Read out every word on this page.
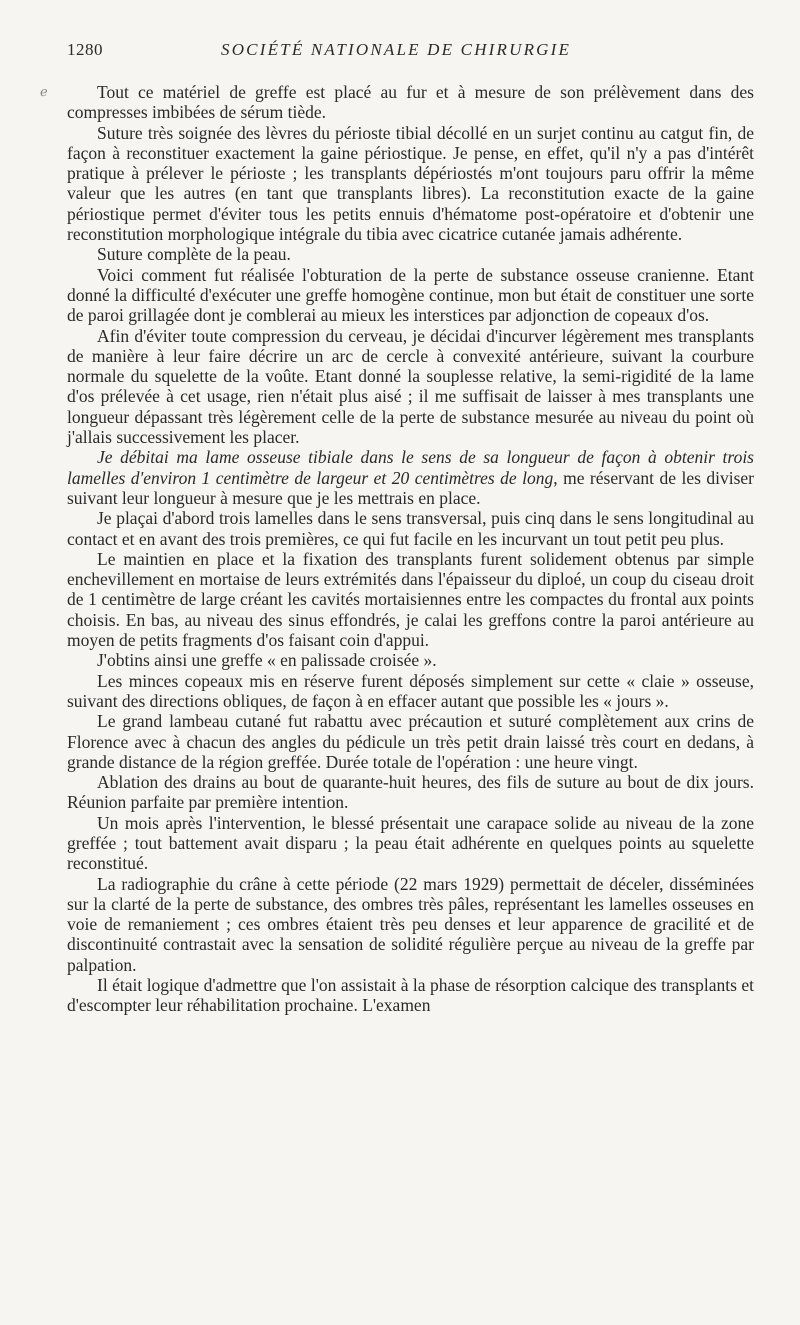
ℯ
1280	SOCIÉTÉ NATIONALE DE CHIRURGIE

Tout ce matériel de greffe est placé au fur et à mesure de son prélèvement dans des compresses imbibées de sérum tiède.

Suture très soignée des lèvres du périoste tibial décollé en un surjet continu au catgut fin, de façon à reconstituer exactement la gaine périostique. Je pense, en effet, qu'il n'y a pas d'intérêt pratique à prélever le périoste ; les transplants dépériostés m'ont toujours paru offrir la même valeur que les autres (en tant que transplants libres). La reconstitution exacte de la gaine périostique permet d'éviter tous les petits ennuis d'hématome post-opératoire et d'obtenir une reconstitution morphologique intégrale du tibia avec cicatrice cutanée jamais adhérente.

Suture complète de la peau.

Voici comment fut réalisée l'obturation de la perte de substance osseuse cranienne. Etant donné la difficulté d'exécuter une greffe homogène continue, mon but était de constituer une sorte de paroi grillagée dont je comblerai au mieux les interstices par adjonction de copeaux d'os.

Afin d'éviter toute compression du cerveau, je décidai d'incurver légèrement mes transplants de manière à leur faire décrire un arc de cercle à convexité antérieure, suivant la courbure normale du squelette de la voûte. Etant donné la souplesse relative, la semi-rigidité de la lame d'os prélevée à cet usage, rien n'était plus aisé ; il me suffisait de laisser à mes transplants une longueur dépassant très légèrement celle de la perte de substance mesurée au niveau du point où j'allais successivement les placer.

Je débitai ma lame osseuse tibiale dans le sens de sa longueur de façon à obtenir trois lamelles d'environ 1 centimètre de largeur et 20 centimètres de long, me réservant de les diviser suivant leur longueur à mesure que je les mettrais en place.

Je plaçai d'abord trois lamelles dans le sens transversal, puis cinq dans le sens longitudinal au contact et en avant des trois premières, ce qui fut facile en les incurvant un tout petit peu plus.

Le maintien en place et la fixation des transplants furent solidement obtenus par simple enchevillement en mortaise de leurs extrémités dans l'épaisseur du diploé, un coup du ciseau droit de 1 centimètre de large créant les cavités mortaisiennes entre les compactes du frontal aux points choisis. En bas, au niveau des sinus effondrés, je calai les greffons contre la paroi antérieure au moyen de petits fragments d'os faisant coin d'appui.

J'obtins ainsi une greffe « en palissade croisée ».

Les minces copeaux mis en réserve furent déposés simplement sur cette « claie » osseuse, suivant des directions obliques, de façon à en effacer autant que possible les « jours ».

Le grand lambeau cutané fut rabattu avec précaution et suturé complètement aux crins de Florence avec à chacun des angles du pédicule un très petit drain laissé très court en dedans, à grande distance de la région greffée. Durée totale de l'opération : une heure vingt.

Ablation des drains au bout de quarante-huit heures, des fils de suture au bout de dix jours. Réunion parfaite par première intention.

Un mois après l'intervention, le blessé présentait une carapace solide au niveau de la zone greffée ; tout battement avait disparu ; la peau était adhérente en quelques points au squelette reconstitué.

La radiographie du crâne à cette période (22 mars 1929) permettait de déceler, disséminées sur la clarté de la perte de substance, des ombres très pâles, représentant les lamelles osseuses en voie de remaniement ; ces ombres étaient très peu denses et leur apparence de gracilité et de discontinuité contrastait avec la sensation de solidité régulière perçue au niveau de la greffe par palpation.

Il était logique d'admettre que l'on assistait à la phase de résorption calcique des transplants et d'escompter leur réhabilitation prochaine. L'examen
